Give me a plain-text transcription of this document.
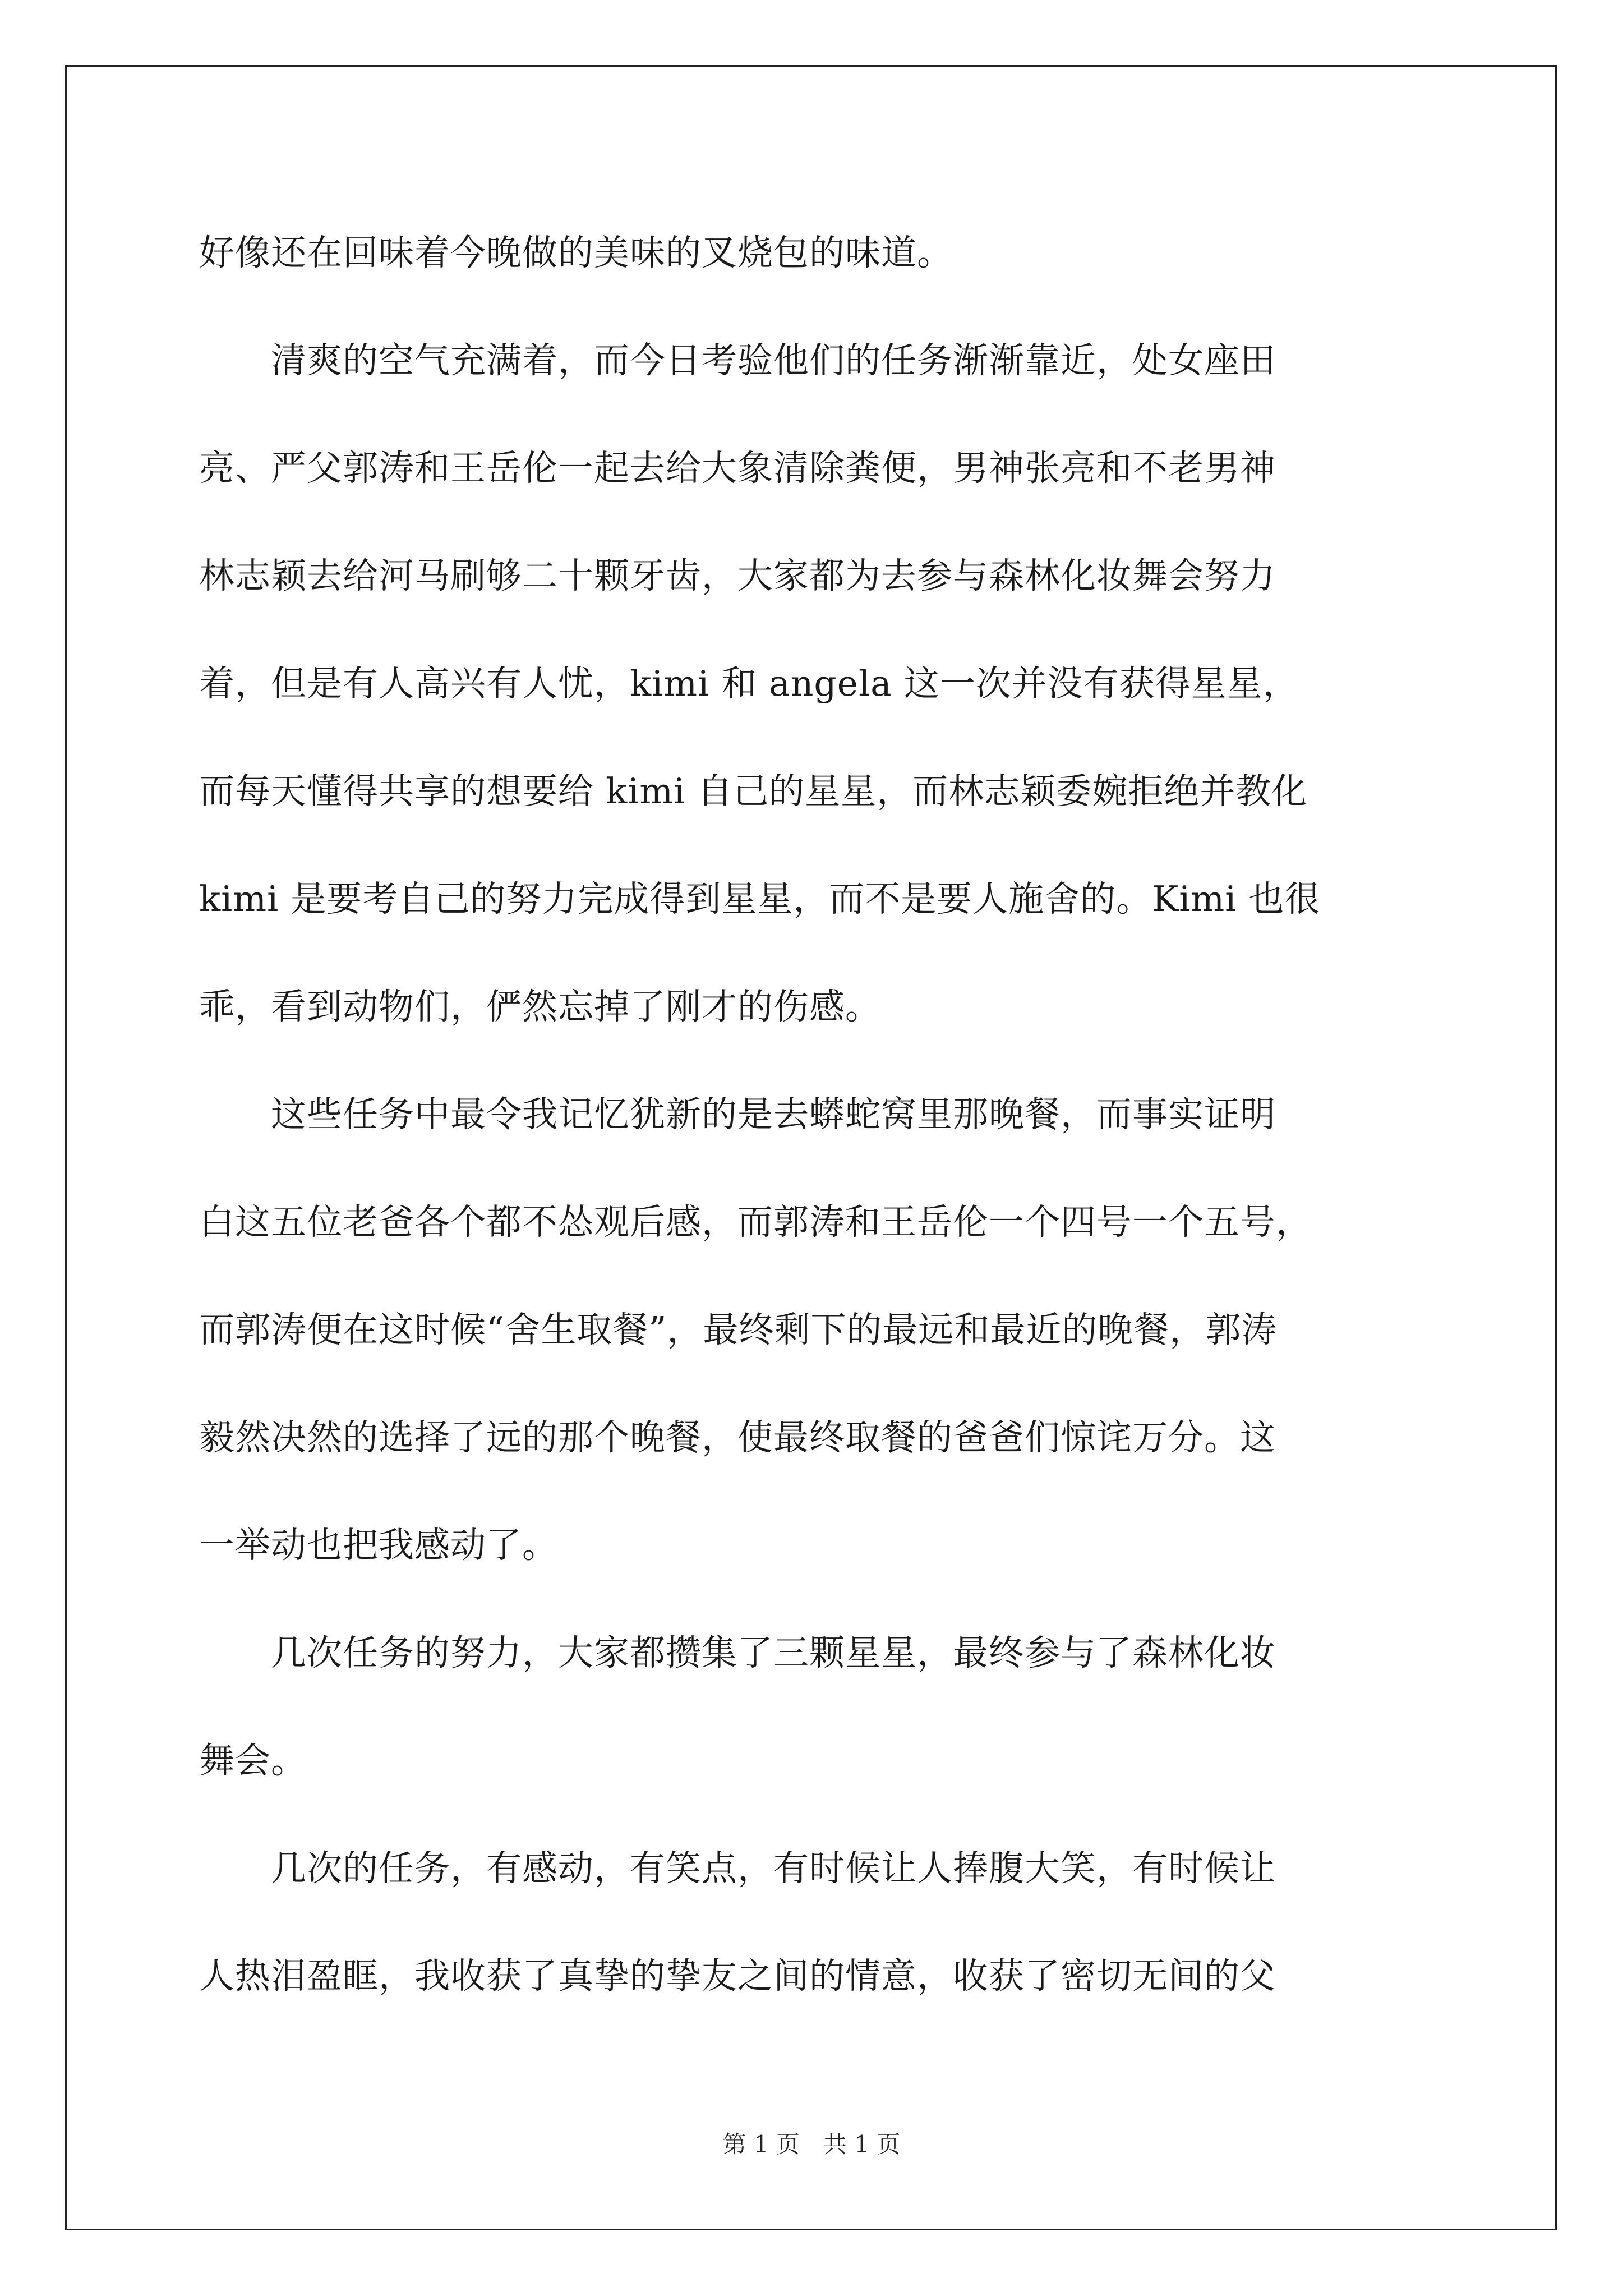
好像还在回味着今晚做的美味的叉烧包的味道。
　　清爽的空气充满着，而今日考验他们的任务渐渐靠近，处女座田
亮、严父郭涛和王岳伦一起去给大象清除粪便，男神张亮和不老男神
林志颖去给河马刷够二十颗牙齿，大家都为去参与森林化妆舞会努力
着，但是有人高兴有人忧，kimi 和 angela 这一次并没有获得星星，
而每天懂得共享的想要给 kimi 自己的星星，而林志颖委婉拒绝并教化
kimi 是要考自己的努力完成得到星星，而不是要人施舍的。Kimi 也很
乖，看到动物们，俨然忘掉了刚才的伤感。
　　这些任务中最令我记忆犹新的是去蟒蛇窝里那晚餐，而事实证明
白这五位老爸各个都不怂观后感，而郭涛和王岳伦一个四号一个五号，
而郭涛便在这时候“舍生取餐”，最终剩下的最远和最近的晚餐，郭涛
毅然决然的选择了远的那个晚餐，使最终取餐的爸爸们惊诧万分。这
一举动也把我感动了。
　　几次任务的努力，大家都攒集了三颗星星，最终参与了森林化妆
舞会。
　　几次的任务，有感动，有笑点，有时候让人捧腹大笑，有时候让
人热泪盈眶，我收获了真挚的挚友之间的情意，收获了密切无间的父
第 1 页　共 1 页
